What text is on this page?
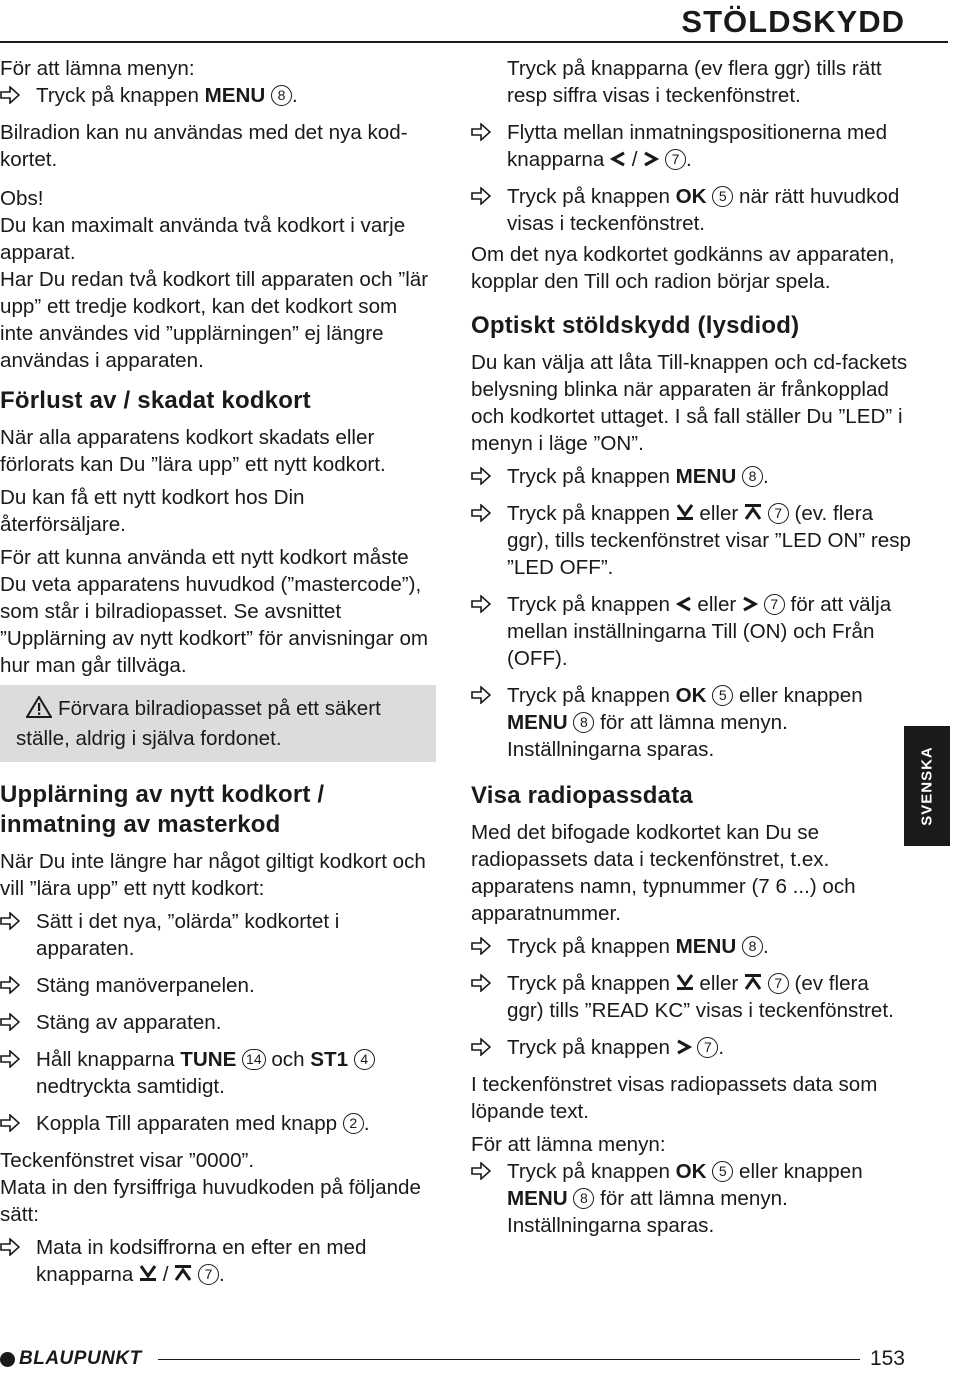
STÖLDSKYDD
För att lämna menyn:
Tryck på knappen MENU 8 .
Bilradion kan nu användas med det nya kod-kortet.
Obs!
Du kan maximalt använda två kodkort i varje apparat.
Har Du redan två kodkort till apparaten och ”lär upp” ett tredje kodkort, kan det kodkort som inte användes vid ”upplärningen” ej längre användas i apparaten.
Förlust av / skadat kodkort
När alla apparatens kodkort skadats eller förlorats kan Du ”lära upp” ett nytt kodkort.
Du kan få ett nytt kodkort hos Din återförsäljare.
För att kunna använda ett nytt kodkort måste Du veta apparatens huvudkod (”mastercode”), som står i bilradiopasset. Se avsnittet ”Upplärning av nytt kodkort” för anvisningar om hur man går tillväga.
Förvara bilradiopasset på ett säkert ställe, aldrig i själva fordonet.
Upplärning av nytt kodkort /
inmatning av masterkod
När Du inte längre har något giltigt kodkort och vill ”lära upp” ett nytt kodkort:
Sätt i det nya, ”olärda” kodkortet i apparaten.
Stäng manöverpanelen.
Stäng av apparaten.
Håll knapparna TUNE 14 och ST1 4 nedtryckta samtidigt.
Koppla Till apparaten med knapp 2 .
Teckenfönstret visar ”0000”.
Mata in den fyrsiffriga huvudkoden på följande sätt:
Mata in kodsiffrorna en efter en med knapparna
/
7 .
Tryck på knapparna (ev flera ggr) tills rätt resp siffra visas i teckenfönstret.
Flytta mellan inmatningspositionerna med knapparna
/
7 .
Tryck på knappen OK 5 när rätt huvudkod visas i teckenfönstret.
Om det nya kodkortet godkänns av apparaten, kopplar den Till och radion börjar spela.
Optiskt stöldskydd (lysdiod)
Du kan välja att låta Till-knappen och cd-fackets belysning blinka när apparaten är frånkopplad och kodkortet uttaget. I så fall ställer Du ”LED” i menyn i läge ”ON”.
Tryck på knappen MENU 8 .
Tryck på knappen
eller
7 (ev. flera ggr), tills teckenfönstret visar ”LED ON” resp ”LED OFF”.
Tryck på knappen
eller
7 för att välja mellan inställningarna Till (ON) och Från (OFF).
Tryck på knappen OK 5 eller knappen MENU 8 för att lämna menyn. Inställningarna sparas.
Visa radiopassdata
Med det bifogade kodkortet kan Du se radiopassets data i teckenfönstret, t.ex. apparatens namn, typnummer (7 6 ...) och apparatnummer.
Tryck på knappen MENU 8 .
Tryck på knappen
eller
7 (ev flera ggr) tills ”READ KC” visas i teckenfönstret.
Tryck på knappen
7 .
I teckenfönstret visas radiopassets data som löpande text.
För att lämna menyn:
Tryck på knappen OK 5 eller knappen MENU 8 för att lämna menyn. Inställningarna sparas.
SVENSKA
BLAUPUNKT	153
